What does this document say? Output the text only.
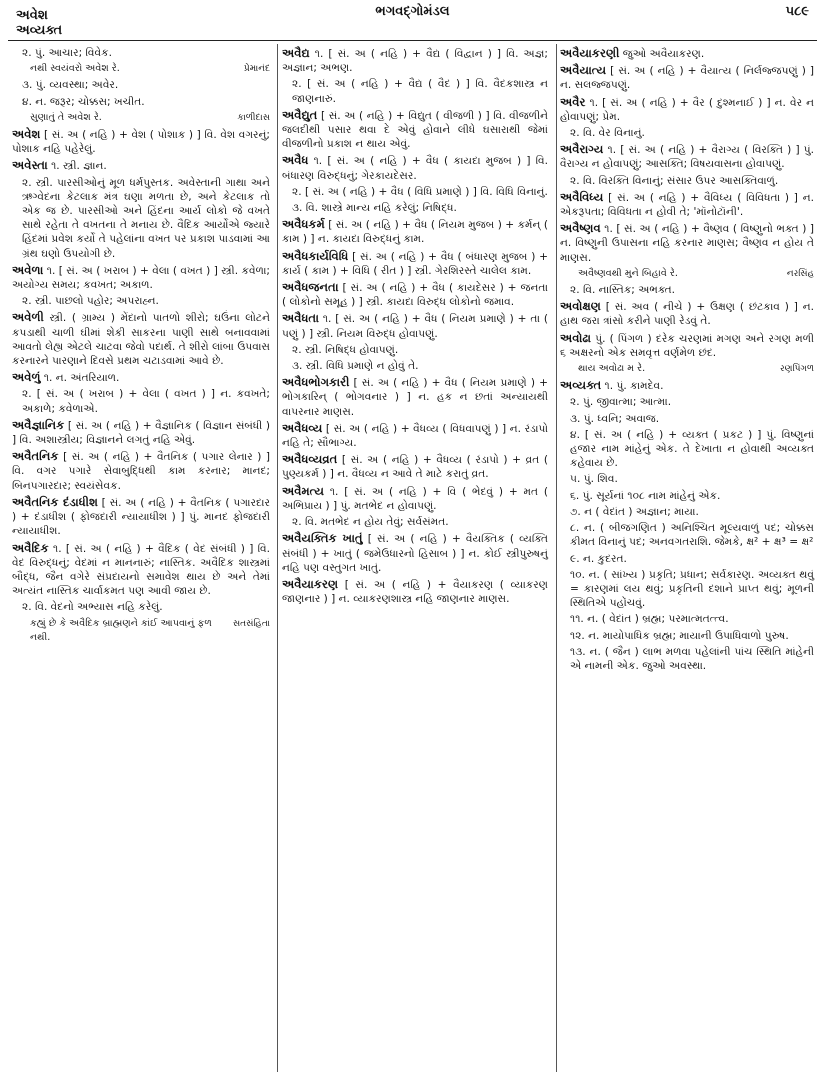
અવેશ
અવ્યક્ત
ભગવદ્ગોમંડલ	૫૮૯
૨. પું. આચાર; વિવેક.
નથી સ્વયંવરો અવેશ રે.	પ્રેમાનંદ
૩. પું. વ્યવસ્થા; અવેર.
૪. ન. જરૂર; ચોક્કસ; ખચીત.
સુણાતું તે અવેશ રે.	કાળીદાસ
અવેશ [ સં. અ ( નહિ ) + વેશ ( પોશાક ) ] વિ. વેશ વગરનું; પોશાક નહિ પહેરેલું.
અવેસ્તા ૧. સ્ત્રી. જ્ઞાન.
૨. સ્ત્રી. પારસીઓનું મૂળ ધર્મપુસ્તક. અવેસ્તાની ગાથા અને ઋગ્વેદના કેટલાક મંત્ર ઘણા મળતા છે, અને કેટલાક તો એક જ છે. પારસીઓ અને હિંદના આર્ય લોકો જે વખતે સાથે રહેતા તે વખતના તે મનાય છે. વૈદિક આર્યોએ જ્યારે હિંદમાં પ્રવેશ કર્યો તે પહેલાંના વખત પર પ્રકાશ પાડવામાં આ ગ્રંથ ઘણો ઉપયોગી છે.
અવેળા ૧. [ સં. અ ( ખરાબ ) + વેલા ( વખત ) ] સ્ત્રી. કવેળા; અયોગ્ય સમય; કવખત; અકાળ.
૨. સ્ત્રી. પાછલો પહોર; અપરાહ્ન.
અવેળી સ્ત્રી. ( ગ્રામ્ય ) મેંદાનો પાતળો શીરો; ઘઉંના લોટને કપડાથી ચાળી ઘીમાં શેકી સાકરના પાણી સાથે બનાવવામાં આવતો લેહ્ય એટલે ચાટવા જેવો પદાર્થ. તે શીરો લાંબા ઉપવાસ કરનારને પારણાને દિવસે પ્રથમ ચટાડવામાં આવે છે.
અવેળું ૧. ન. અંતરિયાળ.
૨. [ સં. અ ( ખરાબ ) + વેલા ( વખત ) ] ન. કવખતે; અકાળે; કવેળાએ.
અવૈજ્ઞાનિક [ સં. અ ( નહિ ) + વૈજ્ઞાનિક ( વિજ્ઞાન સંબંધી ) ] વિ. અશાસ્ત્રીય; વિજ્ઞાનને લગતું નહિ એવું.
અવૈતનિક [ સં. અ ( નહિ ) + વૈતનિક ( પગાર લેનાર ) ] વિ. વગર પગારે સેવાબુદ્ધિથી કામ કરનાર; માનદ; બિનપગારદાર; સ્વયંસેવક.
અવૈતનિક દંડાધીશ [ સં. અ ( નહિ ) + વૈતનિક ( પગારદાર ) + દંડાધીશ ( ફોજદારી ન્યાયાધીશ ) ] પું. માનદ ફોજદારી ન્યાયાધીશ.
અવૈદિક ૧. [ સં. અ ( નહિ ) + વૈદિક ( વેદ સંબંધી ) ] વિ. વેદ વિરુદ્ધનું; વેદમાં ન માનનારું; નાસ્તિક. અવૈદિક શાસ્ત્રમાં બૌદ્ધ, જૈન વગેરે સંપ્રદાયનો સમાવેશ થાય છે અને તેમાં અત્યંત નાસ્તિક ચાર્વાકમત પણ આવી જાય છે.
૨. વિ. વેદનો અભ્યાસ નહિ કરેલું.
કહ્યું છે કે અવૈદિક બ્રાહ્મણને કાંઈ આપવાનું ફળ નથી.
સતસંહિતા
અવૈદ્ય ૧. [ સં. અ ( નહિ ) + વૈદ્ય ( વિદ્વાન ) ] વિ. અજ્ઞ; અજ્ઞાન; અભણ.
૨. [ સં. અ ( નહિ ) + વૈદ્ય ( વૈદ ) ] વિ. વૈદકશાસ્ત્ર ન જાણનારું.
અવૈદ્યુત [ સં. અ ( નહિ ) + વિદ્યુત ( વીજળી ) ] વિ. વીજળીને જલદીથી પસાર થવા દે એવું હોવાને લીધે ઘસારાથી જેમાં વીજળીનો પ્રકાશ ન થાય એવું.
અવૈધ ૧. [ સં. અ ( નહિ ) + વૈધ ( કાયદા મુજબ ) ] વિ. બંધારણ વિરુદ્ધનું; ગેરકાયદેસર.
૨. [ સં. અ ( નહિ ) + વૈધ ( વિધિ પ્રમાણે ) ] વિ. વિધિ વિનાનું.
૩. વિ. શાસ્ત્રે માન્ય નહિ કરેલું; નિષિદ્ધ.
અવૈધકર્મ [ સં. અ ( નહિ ) + વૈધ ( નિયમ મુજબ ) + કર્મન્ ( કામ ) ] ન. કાયદા વિરુદ્ધનું કામ.
અવૈધકાર્યવિધિ [ સં. અ ( નહિ ) + વૈધ ( બંધારણ મુજબ ) + કાર્ય ( કામ ) + વિધિ ( રીત ) ] સ્ત્રી. ગેરશિરસ્તે ચાલેલ કામ.
અવૈધજનતા [ સં. અ ( નહિ ) + વૈધ ( કાયદેસર ) + જનતા ( લોકોનો સમૂહ ) ] સ્ત્રી. કાયદા વિરુદ્ધ લોકોનો જમાવ.
અવૈધતા ૧. [ સં. અ ( નહિ ) + વૈધ ( નિયમ પ્રમાણે ) + તા ( પણું ) ] સ્ત્રી. નિયમ વિરુદ્ધ હોવાપણું.
૨. સ્ત્રી. નિષિદ્ધ હોવાપણું.
૩. સ્ત્રી. વિધિ પ્રમાણે ન હોવું તે.
અવૈધભોગકારી [ સં. અ ( નહિ ) + વૈધ ( નિયમ પ્રમાણે ) + ભોગકારિન્ ( ભોગવનાર ) ] ન. હક ન છતાં અન્યાયથી વાપરનાર માણસ.
અવૈધવ્ય [ સં. અ ( નહિ ) + વૈધવ્ય ( વિધવાપણું ) ] ન. રંડાપો નહિ તે; સૌભાગ્ય.
અવૈધવ્યવ્રત [ સં. અ ( નહિ ) + વૈધવ્ય ( રંડાપો ) + વ્રત ( પુણ્યકર્મ ) ] ન. વૈધવ્ય ન આવે તે માટે કરાતું વ્રત.
અવૈમત્ય ૧. [ સં. અ ( નહિ ) + વિ ( ભેદવું ) + મત ( અભિપ્રાય ) ] પું. મતભેદ ન હોવાપણું.
૨. વિ. મતભેદ ન હોય તેવું; સર્વસંમત.
અવૈયક્તિક ખાતું [ સં. અ ( નહિ ) + વૈયક્તિક ( વ્યક્તિ સંબંધી ) + ખાતું ( જમેઉધારનો હિસાબ ) ] ન. કોઈ સ્ત્રીપુરુષનું નહિ પણ વસ્તુગત ખાતું.
અવૈયાકરણ [ સં. અ ( નહિ ) + વૈયાકરણ ( વ્યાકરણ જાણનાર ) ] ન. વ્યાકરણશાસ્ત્ર નહિ જાણનાર માણસ.
અવૈયાકરણી જુઓ અવૈયાકરણ.
અવૈયાત્ય [ સં. અ ( નહિ ) + વૈયાત્ય ( નિર્લજ્જપણું ) ] ન. સલજ્જપણું.
અવૈર ૧. [ સં. અ ( નહિ ) + વૈર ( દુશ્મનાઈ ) ] ન. વેર ન હોવાપણું; પ્રેમ.
૨. વિ. વેર વિનાનું.
અવૈરાગ્ય ૧. [ સં. અ ( નહિ ) + વૈરાગ્ય ( વિરક્તિ ) ] પું. વૈરાગ્ય ન હોવાપણું; આસક્તિ; વિષયવાસના હોવાપણું.
૨. વિ. વિરક્તિ વિનાનું; સંસાર ઉપર આસક્તિવાળું.
અવૈવિધ્ય [ સં. અ ( નહિ ) + વૈવિધ્ય ( વિવિધતા ) ] ન. એકરૂપતા; વિવિધતા ન હોવી તે; 'મૉનોટૉની'.
અવૈષ્ણવ ૧. [ સં. અ ( નહિ ) + વૈષ્ણવ ( વિષ્ણુનો ભક્ત ) ] ન. વિષ્ણુની ઉપાસના નહિ કરનાર માણસ; વૈષ્ણવ ન હોય તે માણસ.
અવૈષ્ણવથી મુને બિહાવે રે.	નરસિંહ
૨. વિ. નાસ્તિક; અભક્ત.
અવોક્ષણ [ સં. અવ ( નીચે ) + ઉક્ષણ ( છંટકાવ ) ] ન. હાથ જરા ત્રાંસો કરીને પાણી રેડવું તે.
અવોઢા પું. ( પિંગળ ) દરેક ચરણમાં મગણ અને રગણ મળી ૬ અક્ષરનો એક સમવૃત્ત વર્ણમેળ છંદ.
થાય અવોઢા મ રે.	રણપિંગળ
અવ્યક્ત ૧. પું. કામદેવ.
૨. પું. જીવાત્મા; આત્મા.
૩. પું. ધ્વનિ; અવાજ.
૪. [ સં. અ ( નહિ ) + વ્યક્ત ( પ્રકટ ) ] પું. વિષ્ણુનાં હજાર નામ માંહેનું એક. તે દેખાતા ન હોવાથી અવ્યક્ત કહેવાય છે.
૫. પું. શિવ.
૬. પું. સૂર્યનાં ૧૦૮ નામ માંહેનું એક.
૭. ન ( વેદાંત ) અજ્ઞાન; માયા.
૮. ન. ( બીજગણિત ) અનિશ્ચિત મૂલ્યવાળું પદ; ચોક્કસ કીમત વિનાનું પદ; અનવગતરાશિ. જેમકે, ક્ષ² + ક્ષ³ = ક્ષ²
૯. ન. કુદરત.
૧૦. ન. ( સાંખ્ય ) પ્રકૃતિ; પ્રધાન; સર્વકારણ. અવ્યક્ત થવું = કારણમાં લય થવું; પ્રકૃતિની દશાને પ્રાપ્ત થવું; મૂળની સ્થિતિએ પહોંચવું.
૧૧. ન. ( વેદાંત ) બ્રહ્મ; પરમાત્મતત્ત્વ.
૧૨. ન. માયોપાધિક બ્રહ્મ; માયાની ઉપાધિવાળો પુરુષ.
૧૩. ન. ( જૈન ) લાભ મળવા પહેલાંની પાંચ સ્થિતિ માંહેની એ નામની એક. જુઓ અવસ્થા.
